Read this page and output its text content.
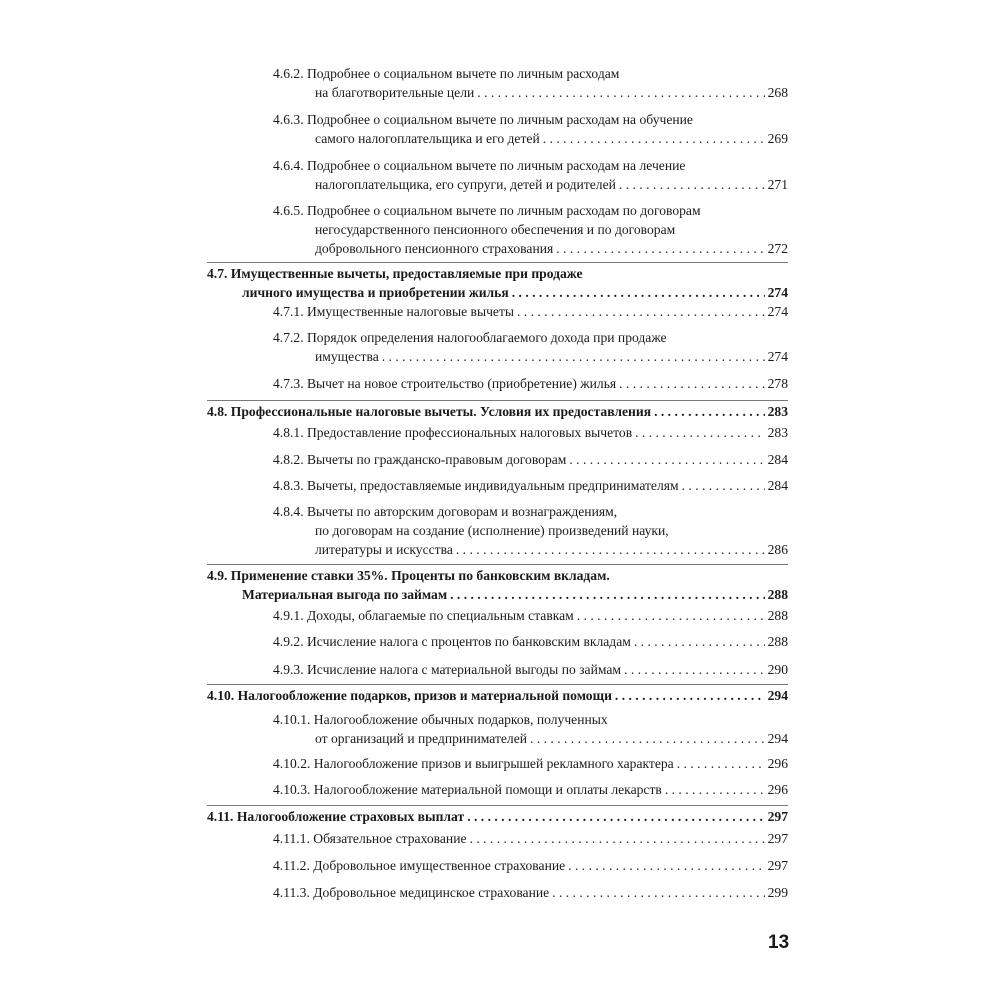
4.6.2. Подробнее о социальном вычете по личным расходам
на благотворительные цели . . .	268
4.6.3. Подробнее о социальном вычете по личным расходам на обучение
самого налогоплательщика и его детей . . .	269
4.6.4. Подробнее о социальном вычете по личным расходам на лечение
налогоплательщика, его супруги, детей и родителей . . .	271
4.6.5. Подробнее о социальном вычете по личным расходам по договорам
негосударственного пенсионного обеспечения и по договорам
добровольного пенсионного страхования . . .	272
4.7. Имущественные вычеты, предоставляемые при продаже
личного имущества и приобретении жилья . . .	274
4.7.1. Имущественные налоговые вычеты . . .	274
4.7.2. Порядок определения налогооблагаемого дохода при продаже
имущества . . .	274
4.7.3. Вычет на новое строительство (приобретение) жилья . . .	278
4.8. Профессиональные налоговые вычеты. Условия их предоставления . . .	283
4.8.1. Предоставление профессиональных налоговых вычетов . . .	283
4.8.2. Вычеты по гражданско-правовым договорам . . .	284
4.8.3. Вычеты, предоставляемые индивидуальным предпринимателям . . .	284
4.8.4. Вычеты по авторским договорам и вознаграждениям,
по договорам на создание (исполнение) произведений науки,
литературы и искусства . . .	286
4.9. Применение ставки 35%. Проценты по банковским вкладам.
Материальная выгода по займам . . .	288
4.9.1. Доходы, облагаемые по специальным ставкам . . .	288
4.9.2. Исчисление налога с процентов по банковским вкладам . . .	288
4.9.3. Исчисление налога с материальной выгоды по займам . . .	290
4.10. Налогообложение подарков, призов и материальной помощи . . .	294
4.10.1. Налогообложение обычных подарков, полученных
от организаций и предпринимателей . . .	294
4.10.2. Налогообложение призов и выигрышей рекламного характера . . .	296
4.10.3. Налогообложение материальной помощи и оплаты лекарств . . .	296
4.11. Налогообложение страховых выплат . . .	297
4.11.1. Обязательное страхование . . .	297
4.11.2. Добровольное имущественное страхование . . .	297
4.11.3. Добровольное медицинское страхование . . .	299
13
